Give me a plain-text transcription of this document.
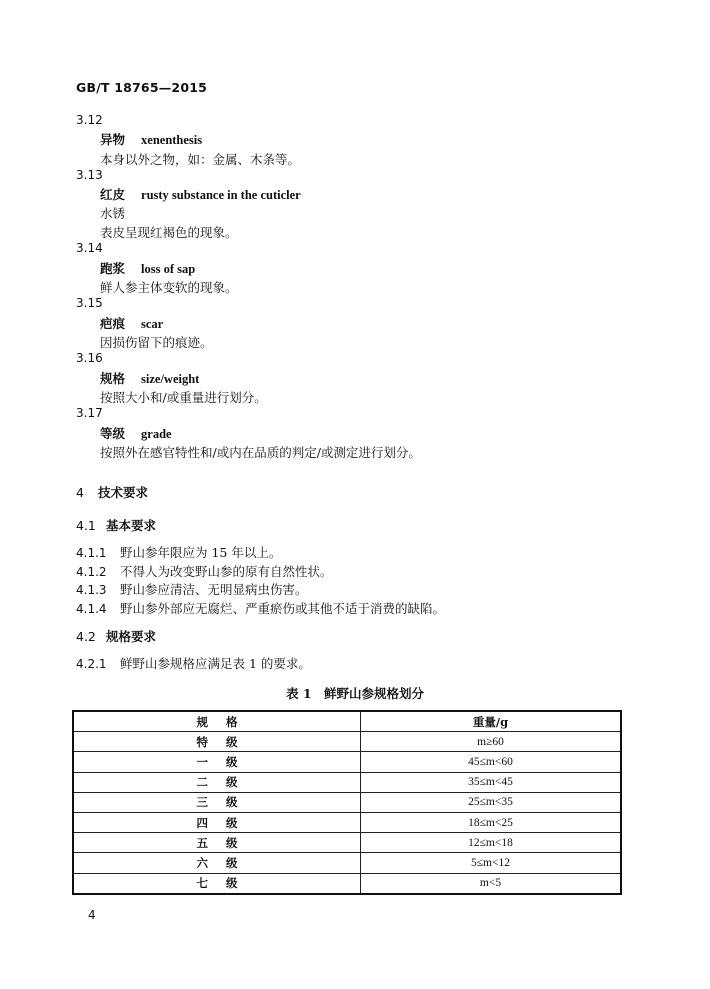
GB/T 18765—2015
3.12
异物 xenenthesis
本身以外之物，如：金属、木条等。
3.13
红皮 rusty substance in the cuticler
水锈
表皮呈现红褐色的现象。
3.14
跑浆 loss of sap
鲜人参主体变软的现象。
3.15
疤痕 scar
因损伤留下的痕迹。
3.16
规格 size/weight
按照大小和/或重量进行划分。
3.17
等级 grade
按照外在感官特性和/或内在品质的判定/或测定进行划分。
4 技术要求
4.1 基本要求
4.1.1 野山参年限应为 15 年以上。
4.1.2 不得人为改变野山参的原有自然性状。
4.1.3 野山参应清洁、无明显病虫伤害。
4.1.4 野山参外部应无腐烂、严重瘀伤或其他不适于消费的缺陷。
4.2 规格要求
4.2.1 鲜野山参规格应满足表 1 的要求。
表 1　鲜野山参规格划分
规格	重量/g
特级	m≥60
一级	45≤m<60
二级	35≤m<45
三级	25≤m<35
四级	18≤m<25
五级	12≤m<18
六级	5≤m<12
七级	m<5
4
